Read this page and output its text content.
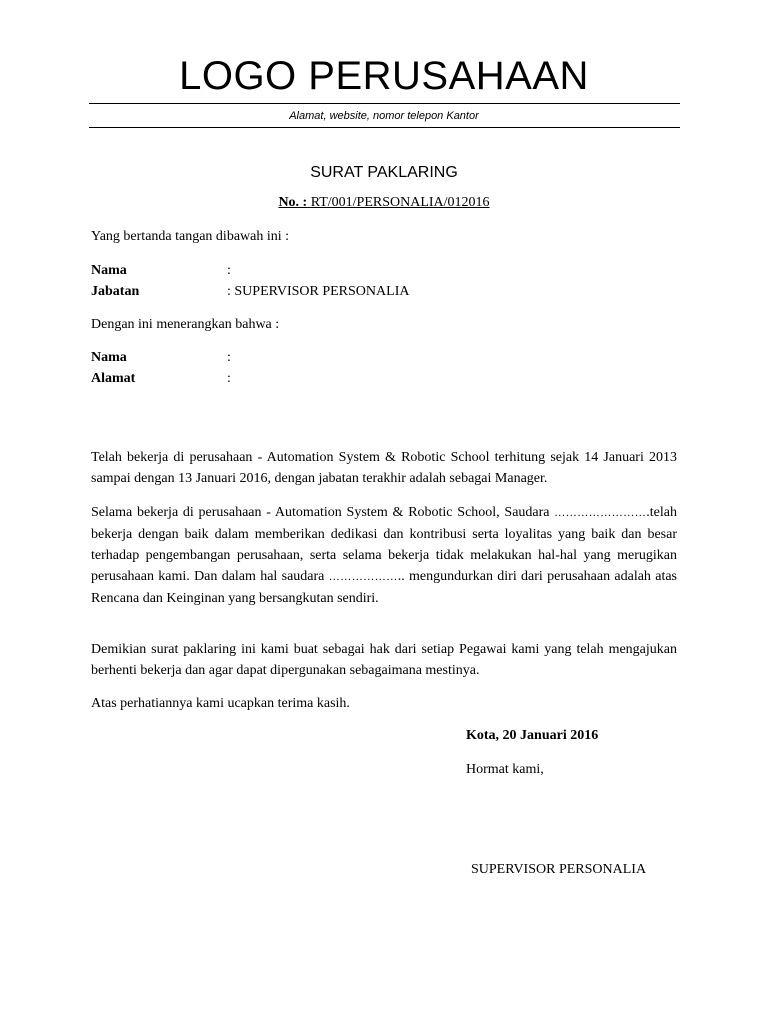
LOGO PERUSAHAAN
Alamat, website, nomor telepon Kantor
SURAT PAKLARING
No. : RT/001/PERSONALIA/012016
Yang bertanda tangan dibawah ini :
Nama	:
Jabatan	: SUPERVISOR PERSONALIA
Dengan ini menerangkan bahwa :
Nama	:
Alamat	:
Telah bekerja di perusahaan - Automation System & Robotic School terhitung sejak 14 Januari 2013 sampai dengan 13 Januari 2016, dengan jabatan terakhir adalah sebagai Manager.
Selama bekerja di perusahaan - Automation System & Robotic School, Saudara …………………….telah bekerja dengan baik dalam memberikan dedikasi dan kontribusi serta loyalitas yang baik dan besar terhadap pengembangan perusahaan, serta selama bekerja tidak melakukan hal-hal yang merugikan perusahaan kami. Dan dalam hal saudara ……………….. mengundurkan diri dari perusahaan adalah atas Rencana dan Keinginan yang bersangkutan sendiri.
Demikian surat paklaring ini kami buat sebagai hak dari setiap Pegawai kami yang telah mengajukan berhenti bekerja dan agar dapat dipergunakan sebagaimana mestinya.
Atas perhatiannya kami ucapkan terima kasih.
Kota, 20 Januari 2016
Hormat kami,
SUPERVISOR PERSONALIA
